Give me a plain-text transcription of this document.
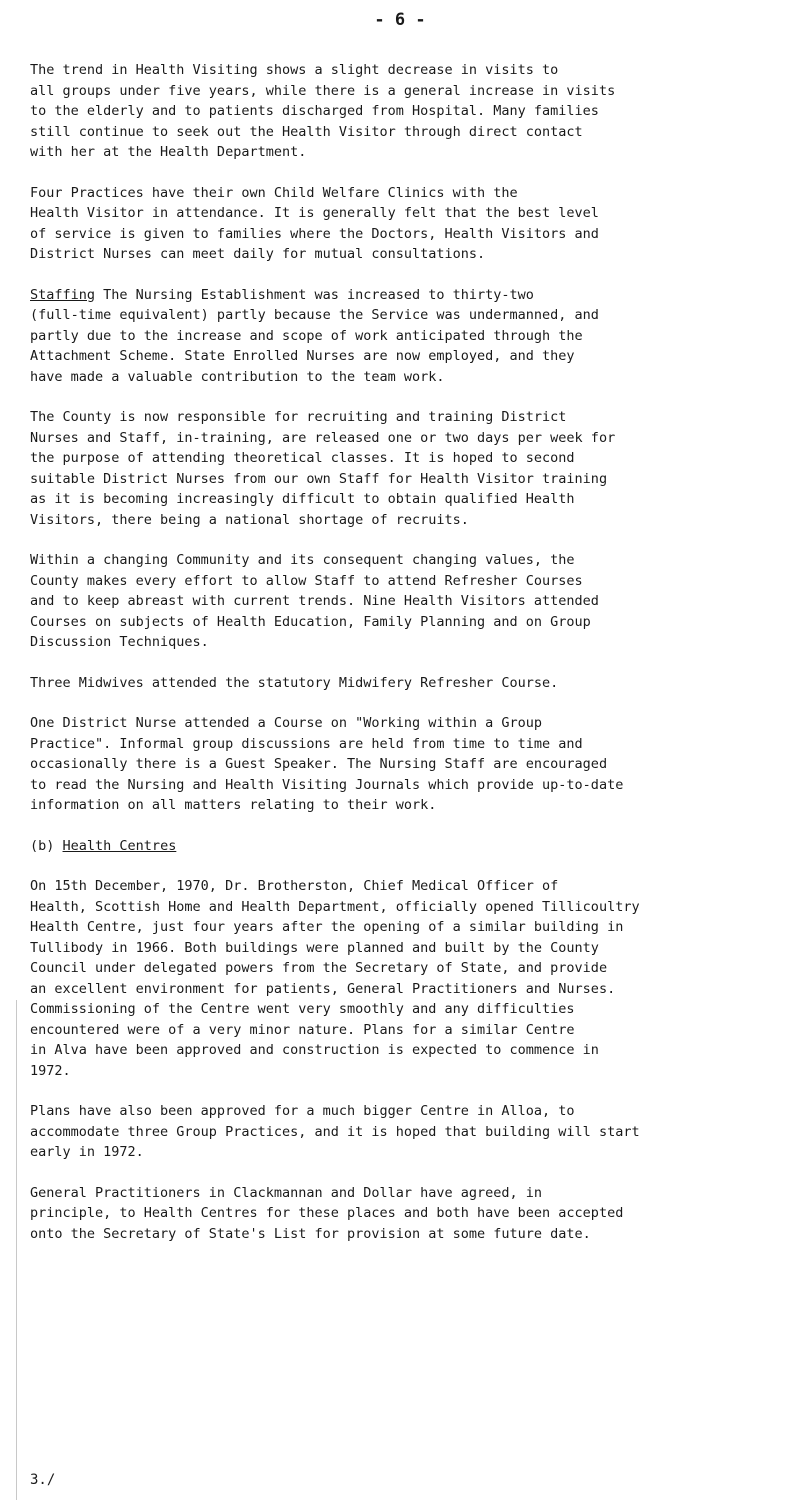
- 6 -

The trend in Health Visiting shows a slight decrease in visits to
all groups under five years, while there is a general increase in visits
to the elderly and to patients discharged from Hospital. Many families
still continue to seek out the Health Visitor through direct contact
with her at the Health Department.

Four Practices have their own Child Welfare Clinics with the
Health Visitor in attendance. It is generally felt that the best level
of service is given to families where the Doctors, Health Visitors and
District Nurses can meet daily for mutual consultations.

Staffing The Nursing Establishment was increased to thirty-two
(full-time equivalent) partly because the Service was undermanned, and
partly due to the increase and scope of work anticipated through the
Attachment Scheme. State Enrolled Nurses are now employed, and they
have made a valuable contribution to the team work.

The County is now responsible for recruiting and training District
Nurses and Staff, in-training, are released one or two days per week for
the purpose of attending theoretical classes. It is hoped to second
suitable District Nurses from our own Staff for Health Visitor training
as it is becoming increasingly difficult to obtain qualified Health
Visitors, there being a national shortage of recruits.

Within a changing Community and its consequent changing values, the
County makes every effort to allow Staff to attend Refresher Courses
and to keep abreast with current trends. Nine Health Visitors attended
Courses on subjects of Health Education, Family Planning and on Group
Discussion Techniques.

Three Midwives attended the statutory Midwifery Refresher Course.

One District Nurse attended a Course on "Working within a Group
Practice". Informal group discussions are held from time to time and
occasionally there is a Guest Speaker. The Nursing Staff are encouraged
to read the Nursing and Health Visiting Journals which provide up-to-date
information on all matters relating to their work.

(b) Health Centres

On 15th December, 1970, Dr. Brotherston, Chief Medical Officer of
Health, Scottish Home and Health Department, officially opened Tillicoultry
Health Centre, just four years after the opening of a similar building in
Tullibody in 1966. Both buildings were planned and built by the County
Council under delegated powers from the Secretary of State, and provide
an excellent environment for patients, General Practitioners and Nurses.
Commissioning of the Centre went very smoothly and any difficulties
encountered were of a very minor nature. Plans for a similar Centre
in Alva have been approved and construction is expected to commence in
1972.

Plans have also been approved for a much bigger Centre in Alloa, to
accommodate three Group Practices, and it is hoped that building will start
early in 1972.

General Practitioners in Clackmannan and Dollar have agreed, in
principle, to Health Centres for these places and both have been accepted
onto the Secretary of State's List for provision at some future date.

3./
